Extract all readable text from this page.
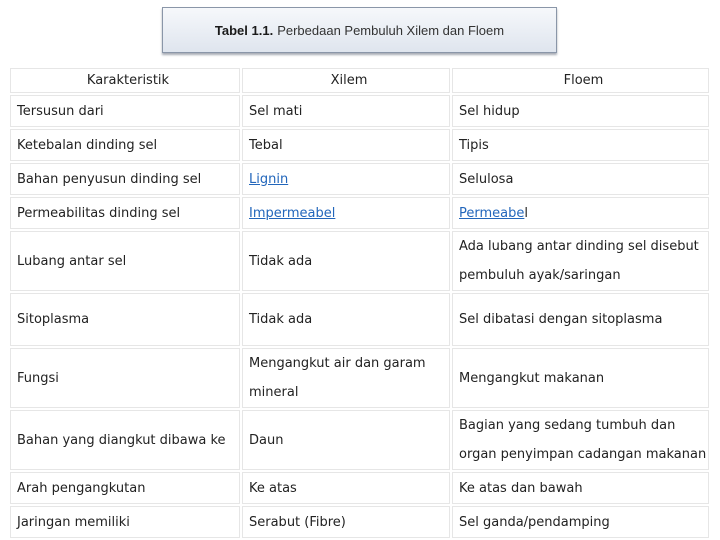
Tabel 1.1. Perbedaan Pembuluh Xilem dan Floem
Karakteristik	Xilem	Floem
Tersusun dari	Sel mati	Sel hidup
Ketebalan dinding sel	Tebal	Tipis
Bahan penyusun dinding sel	Lignin	Selulosa
Permeabilitas dinding sel	Impermeabel	Permeabel
Lubang antar sel	Tidak ada	Ada lubang antar dinding sel disebut pembuluh ayak/saringan
Sitoplasma	Tidak ada	Sel dibatasi dengan sitoplasma
Fungsi	Mengangkut air dan garam mineral	Mengangkut makanan
Bahan yang diangkut dibawa ke	Daun	Bagian yang sedang tumbuh dan organ penyimpan cadangan makanan
Arah pengangkutan	Ke atas	Ke atas dan bawah
Jaringan memiliki	Serabut (Fibre)	Sel ganda/pendamping
